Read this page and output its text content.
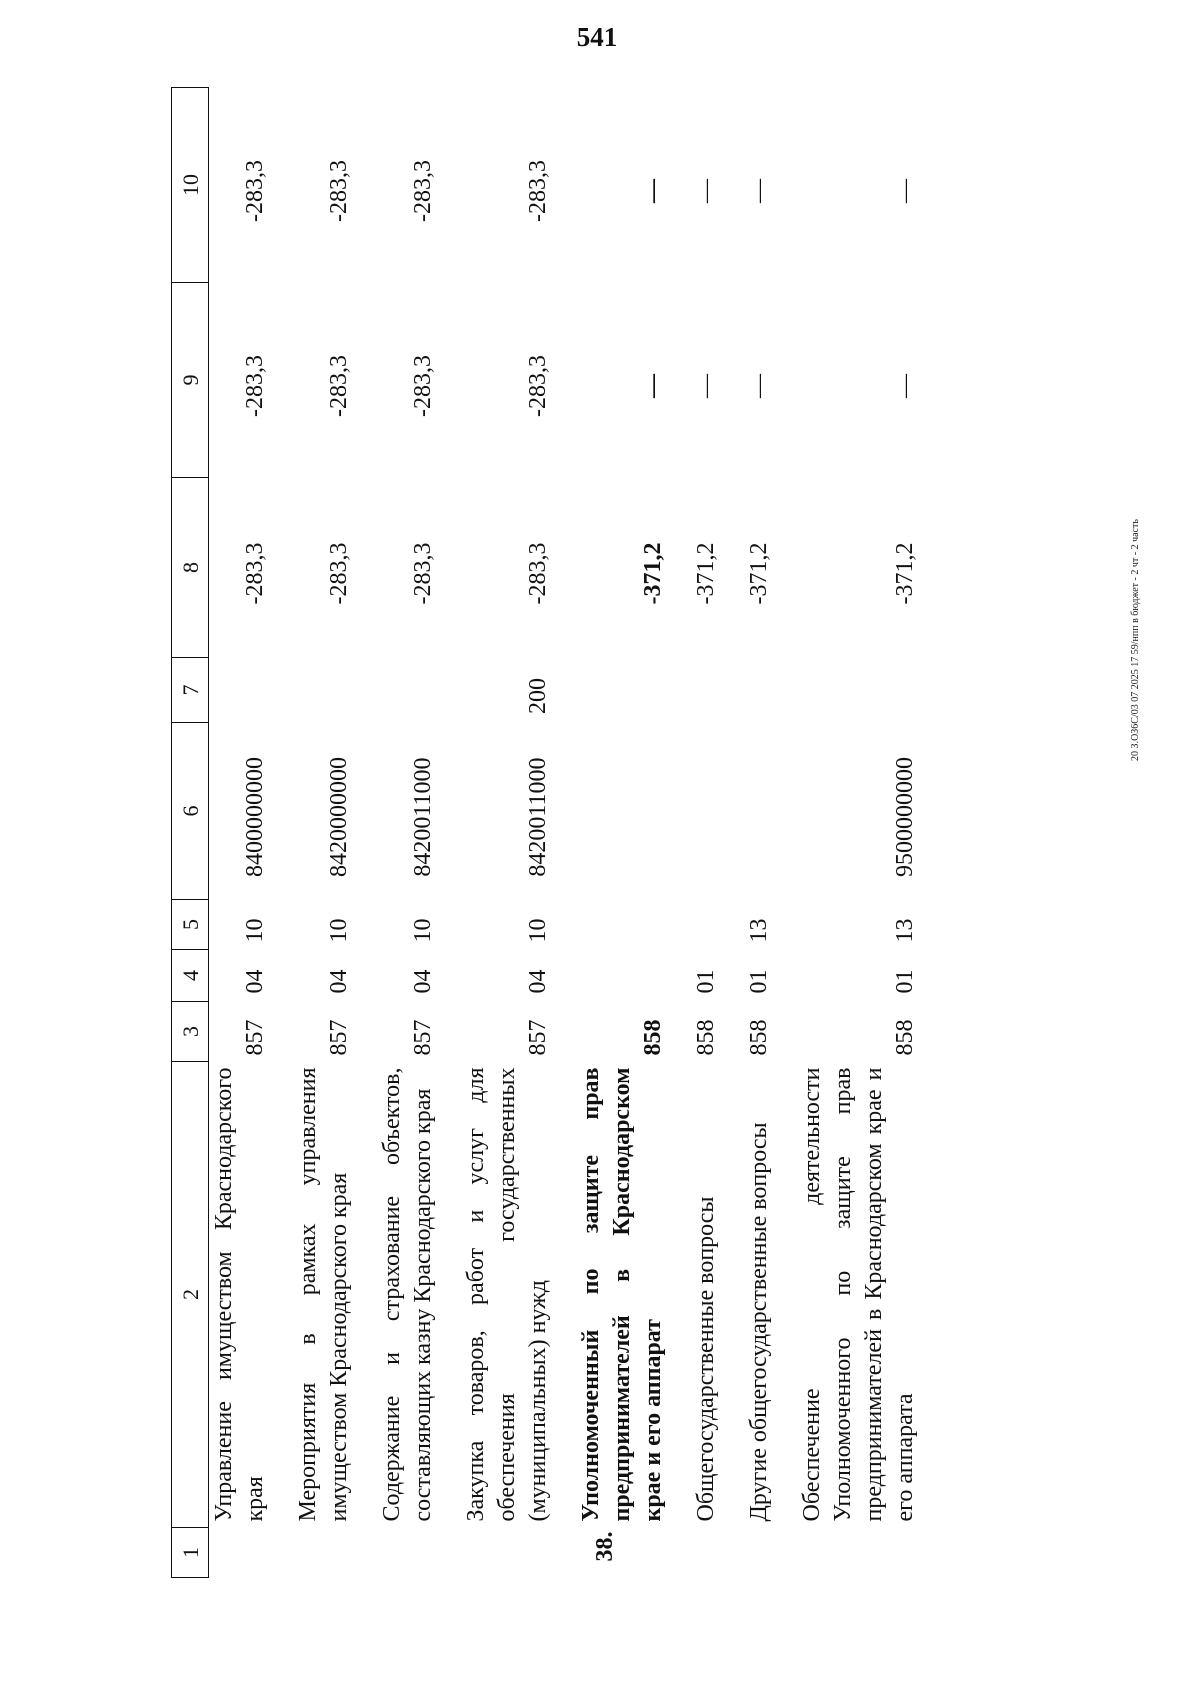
541
1	2	3	4	5	6	7	8	9	10
	Управление имуществом Краснодарского края	857	04	10	8400000000		-283,3	-283,3	-283,3
	Мероприятия в рамках управления имуществом Краснодарского края	857	04	10	8420000000		-283,3	-283,3	-283,3
	Содержание и страхование объектов, составляющих казну Краснодарского края	857	04	10	8420011000		-283,3	-283,3	-283,3
	Закупка товаров, работ и услуг для обеспечения государственных (муниципальных) нужд	857	04	10	8420011000	200	-283,3	-283,3	-283,3
38.	Уполномоченный по защите прав предпринимателей в Краснодарском крае и его аппарат	858					-371,2	—	—
	Общегосударственные вопросы	858	01				-371,2	—	—
	Другие общегосударственные вопросы	858	01	13			-371,2	—	—
	Обеспечение деятельности Уполномоченного по защите прав предпринимателей в Краснодарском крае и его аппарата	858	01	13	9500000000		-371,2	—	—
20 З.ОЗ6С/03 07 2025 17 59/нпп в бюджет - 2 чт - 2 часть
